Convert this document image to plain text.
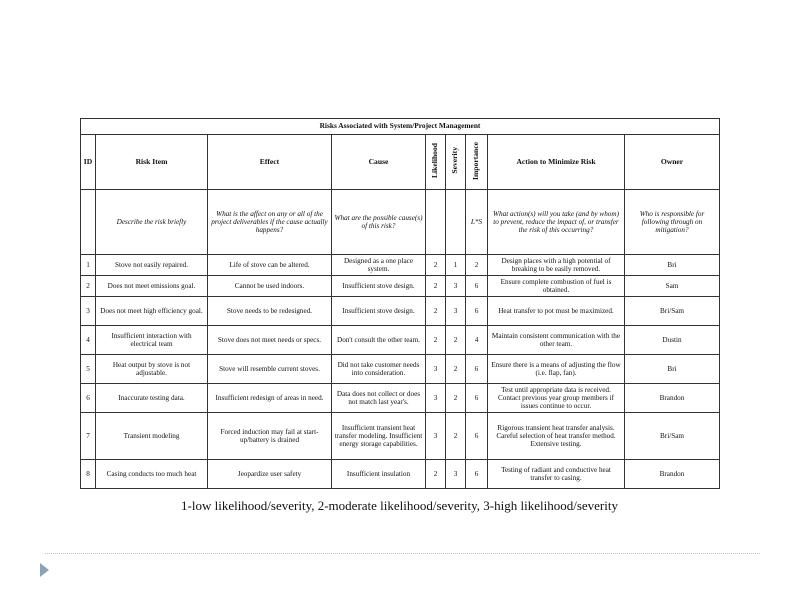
Risks Associated with System/Project Management								
ID	Risk Item	Effect	Cause	Likelihood	Severity	Importance	Action to Minimize Risk	Owner
	Describe the risk briefly	What is the affect on any or all of the project deliverables if the cause actually happens?	What are the possible cause(s) of this risk?			L*S	What action(s) will you take (and by whom) to prevent, reduce the impact of, or transfer the risk of this occurring?	Who is responsible for following through on mitigation?
1	Stove not easily repaired.	Life of stove can be altered.	Designed as a one place system.	2	1	2	Design places with a high potential of breaking to be easily removed.	Bri
2	Does not meet emissions goal.	Cannot be used indoors.	Insufficient stove design.	2	3	6	Ensure complete combustion of fuel is obtained.	Sam
3	Does not meet high efficiency goal.	Stove needs to be redesigned.	Insufficient stove design.	2	3	6	Heat transfer to pot must be maximized.	Bri/Sam
4	Insufficient interaction with electrical team	Stove does not meet needs or specs.	Don't consult the other team.	2	2	4	Maintain consistent communication with the other team.	Dustin
5	Heat output by stove is not adjustable.	Stove will resemble current stoves.	Did not take customer needs into consideration.	3	2	6	Ensure there is a means of adjusting the flow (i.e. flap, fan).	Bri
6	Inaccurate testing data.	Insufficient redesign of areas in need.	Data does not collect or does not match last year's.	3	2	6	Test until appropriate data is received. Contact previous year group members if issues continue to occur.	Brandon
7	Transient modeling	Forced induction may fail at start-up/battery is drained	Insufficient transient heat transfer modeling. Insufficient energy storage capabilities.	3	2	6	Rigorous transient heat transfer analysis. Careful selection of heat transfer method. Extensive testing.	Bri/Sam
8	Casing conducts too much heat	Jeopardize user safety	Insufficient insulation	2	3	6	Testing of radiant and conductive heat transfer to casing.	Brandon
1-low likelihood/severity, 2-moderate likelihood/severity, 3-high likelihood/severity
